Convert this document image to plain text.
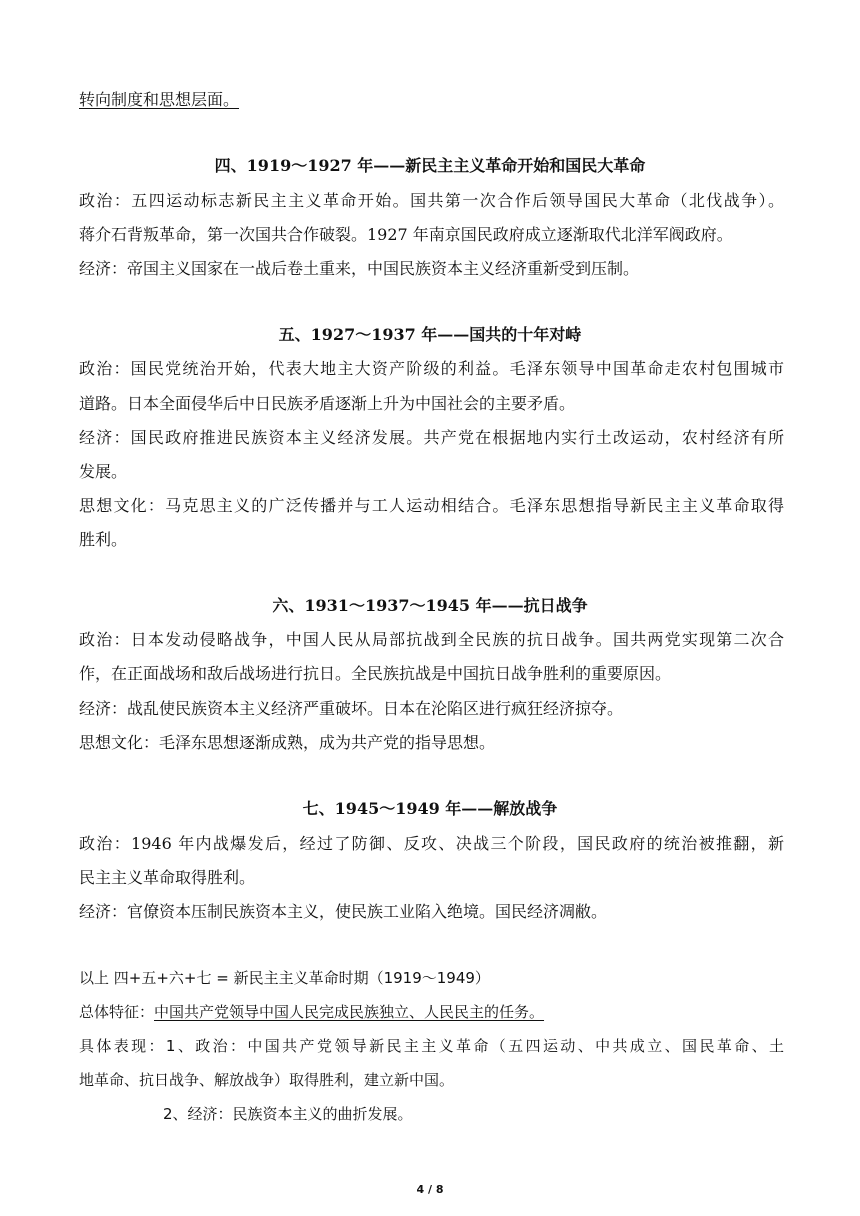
转向制度和思想层面。
四、1919～1927 年——新民主主义革命开始和国民大革命
政治：五四运动标志新民主主义革命开始。国共第一次合作后领导国民大革命（北伐战争）。
蒋介石背叛革命，第一次国共合作破裂。1927 年南京国民政府成立逐渐取代北洋军阀政府。
经济：帝国主义国家在一战后卷土重来，中国民族资本主义经济重新受到压制。
五、1927～1937 年——国共的十年对峙
政治：国民党统治开始，代表大地主大资产阶级的利益。毛泽东领导中国革命走农村包围城市
道路。日本全面侵华后中日民族矛盾逐渐上升为中国社会的主要矛盾。
经济：国民政府推进民族资本主义经济发展。共产党在根据地内实行土改运动，农村经济有所
发展。
思想文化：马克思主义的广泛传播并与工人运动相结合。毛泽东思想指导新民主主义革命取得
胜利。
六、1931～1937～1945 年——抗日战争
政治：日本发动侵略战争，中国人民从局部抗战到全民族的抗日战争。国共两党实现第二次合
作，在正面战场和敌后战场进行抗日。全民族抗战是中国抗日战争胜利的重要原因。
经济：战乱使民族资本主义经济严重破坏。日本在沦陷区进行疯狂经济掠夺。
思想文化：毛泽东思想逐渐成熟，成为共产党的指导思想。
七、1945～1949 年——解放战争
政治：1946 年内战爆发后，经过了防御、反攻、决战三个阶段，国民政府的统治被推翻，新
民主主义革命取得胜利。
经济：官僚资本压制民族资本主义，使民族工业陷入绝境。国民经济凋敝。
以上 四+五+六+七 = 新民主主义革命时期（1919～1949）
总体特征：中国共产党领导中国人民完成民族独立、人民民主的任务。
具体表现：1、政治：中国共产党领导新民主主义革命（五四运动、中共成立、国民革命、土
地革命、抗日战争、解放战争）取得胜利，建立新中国。
2、经济：民族资本主义的曲折发展。
4 / 8
